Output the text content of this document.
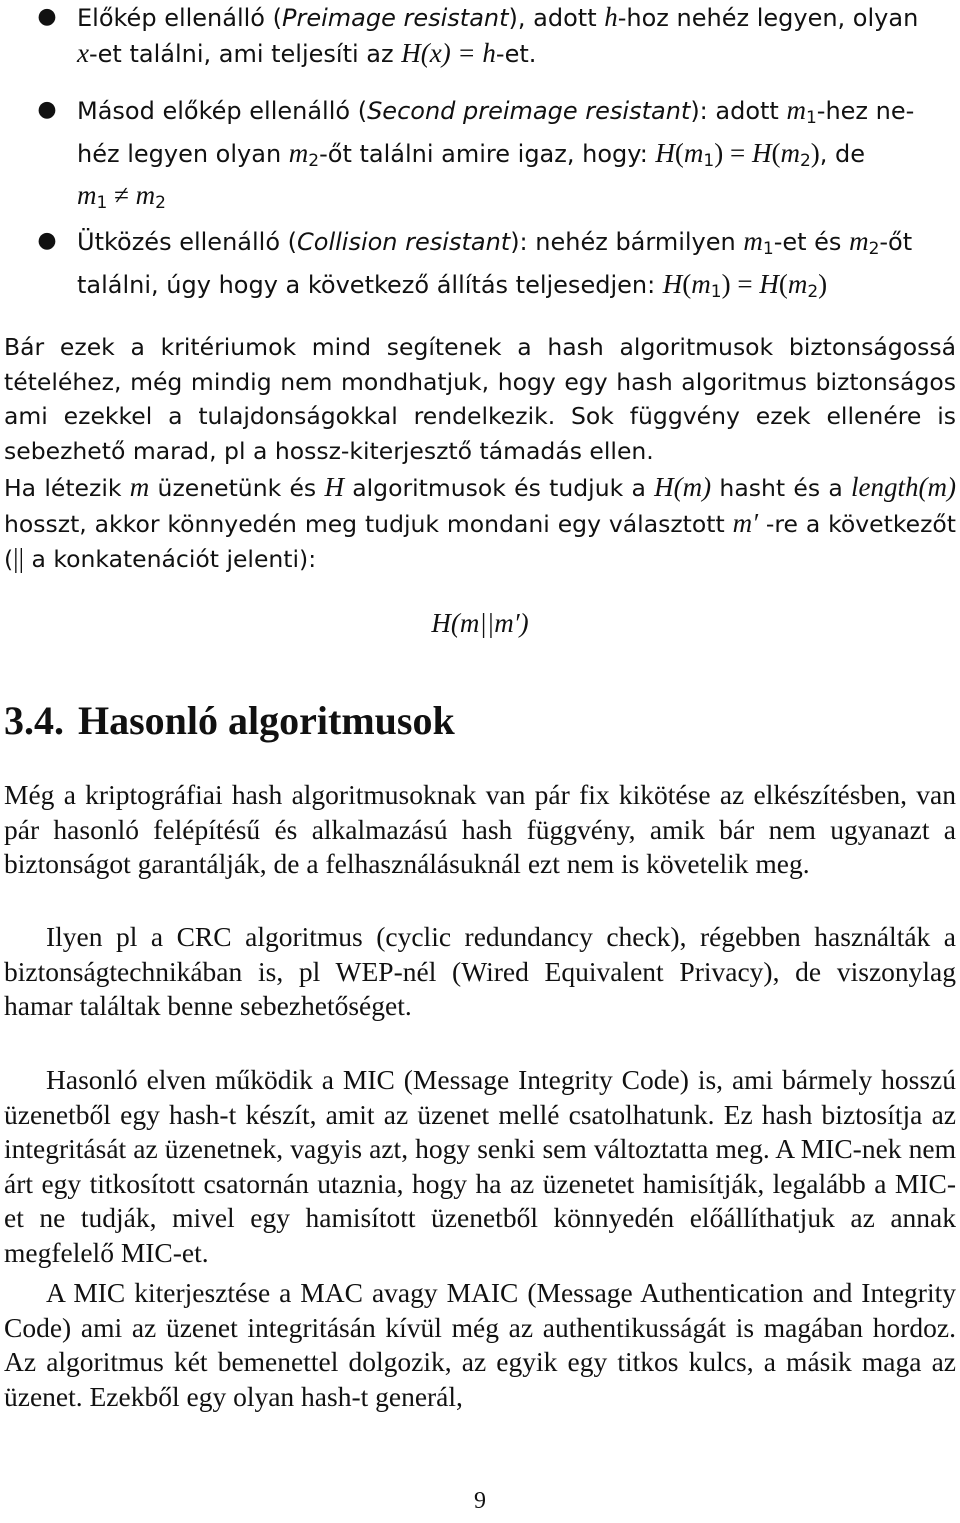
● Előkép ellenálló (Preimage resistant), adott h-hoz nehéz legyen, olyan
x-et találni, ami teljesíti az H(x) = h-et.
● Másod előkép ellenálló (Second preimage resistant): adott $m_1$-hez ne-
héz legyen olyan $m_2-őt$ találni amire igaz, hogy: $H(m_1) = H(m_2)$, de
$m_1 \ne m_2$
● Ütközés ellenálló (Collision resistant): nehéz bármilyen $m_1-et$ és $m_2-őt$
találni, úgy hogy a következő állítás teljesedjen: $H(m_1) = H(m_2)$

Bár ezek a kritériumok mind segítenek a hash algoritmusok biztonságossá tételéhez, még mindig nem mondhatjuk, hogy egy hash algoritmus biztonságos ami ezekkel a tulajdonságokkal rendelkezik. Sok függvény ezek ellenére is sebezhető marad, pl a hossz-kiterjesztő támadás ellen.

Ha létezik m üzenetünk és H algoritmusok és tudjuk a H(m) hasht és a length(m) hosszt, akkor könnyedén meg tudjuk mondani egy választott m′ -re a következőt (|| a konkatenációt jelenti):

H(m||m′)
3.4. Hasonló algoritmusok

Még a kriptográfiai hash algoritmusoknak van pár fix kikötése az elkészítésben, van pár hasonló felépítésű és alkalmazású hash függvény, amik bár nem ugyanazt a biztonságot garantálják, de a felhasználásuknál ezt nem is követelik meg.

Ilyen pl a CRC algoritmus (cyclic redundancy check), régebben használták a biztonságtechnikában is, pl WEP-nél (Wired Equivalent Privacy), de viszonylag hamar találtak benne sebezhetőséget.

Hasonló elven működik a MIC (Message Integrity Code) is, ami bármely hosszú üzenetből egy hash-t készít, amit az üzenet mellé csatolhatunk. Ez hash biztosítja az integritását az üzenetnek, vagyis azt, hogy senki sem változtatta meg. A MIC-nek nem árt egy titkosított csatornán utaznia, hogy ha az üzenetet hamisítják, legalább a MIC-et ne tudják, mivel egy hamisított üzenetből könnyedén előállíthatjuk az annak megfelelő MIC-et.

A MIC kiterjesztése a MAC avagy MAIC (Message Authentication and Integrity Code) ami az üzenet integritásán kívül még az authentikusságát is magában hordoz. Az algoritmus két bemenettel dolgozik, az egyik egy titkos kulcs, a másik maga az üzenet. Ezekből egy olyan hash-t generál,

9
